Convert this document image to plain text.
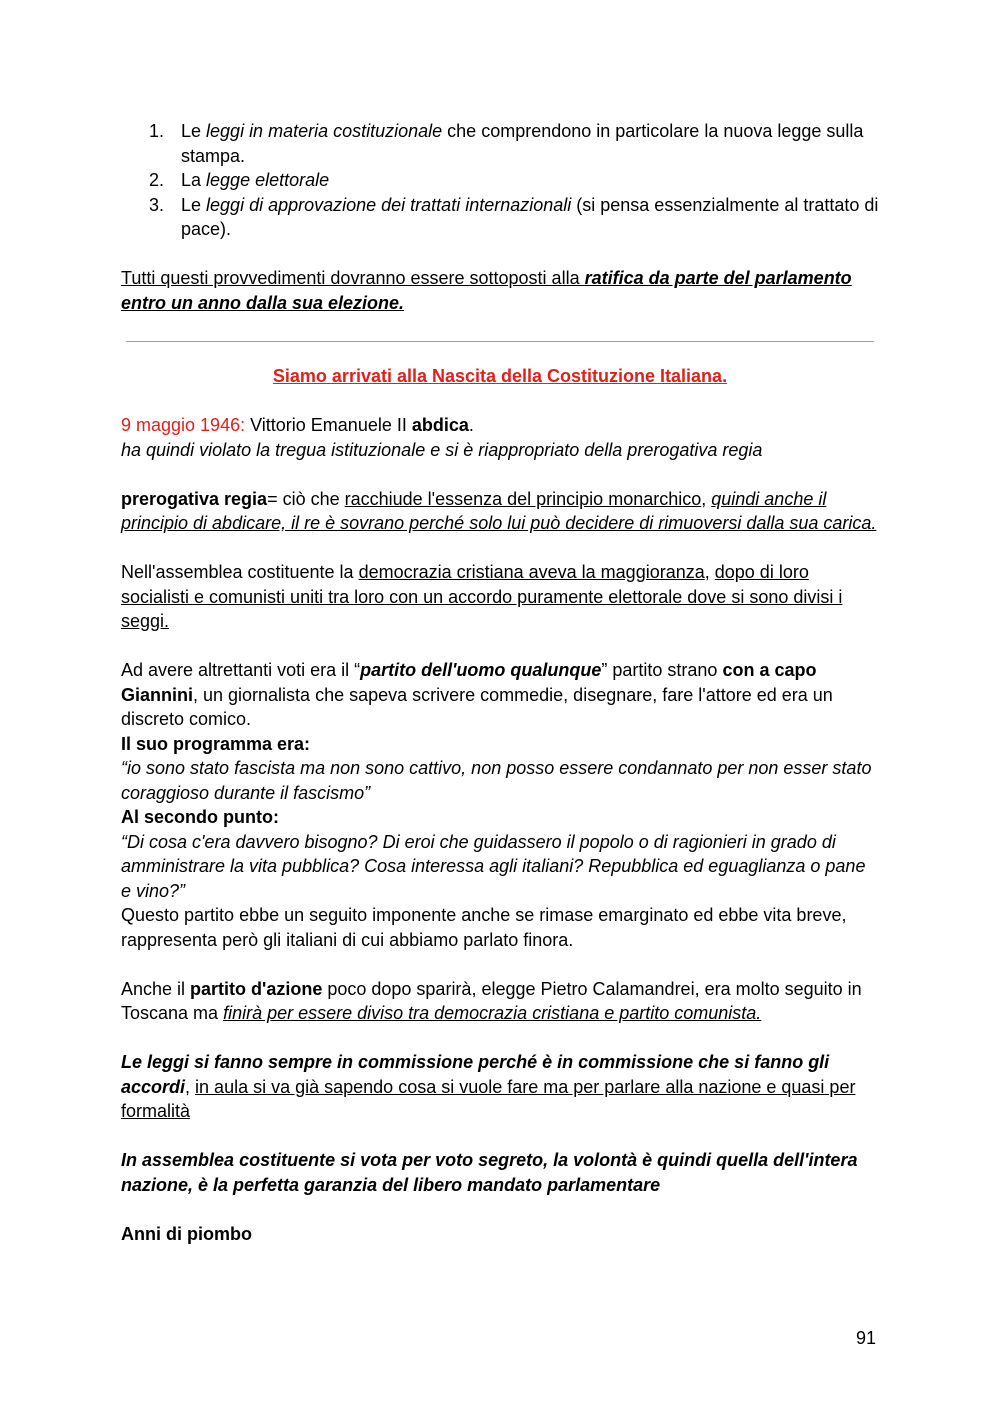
1. Le leggi in materia costituzionale che comprendono in particolare la nuova legge sulla stampa.
2. La legge elettorale
3. Le leggi di approvazione dei trattati internazionali (si pensa essenzialmente al trattato di pace).

Tutti questi provvedimenti dovranno essere sottoposti alla ratifica da parte del parlamento entro un anno dalla sua elezione.

Siamo arrivati alla Nascita della Costituzione Italiana.

9 maggio 1946: Vittorio Emanuele II abdica.

ha quindi violato la tregua istituzionale e si è riappropriato della prerogativa regia

prerogativa regia= ciò che racchiude l'essenza del principio monarchico, quindi anche il principio di abdicare, il re è sovrano perché solo lui può decidere di rimuoversi dalla sua carica.

Nell'assemblea costituente la democrazia cristiana aveva la maggioranza, dopo di loro socialisti e comunisti uniti tra loro con un accordo puramente elettorale dove si sono divisi i seggi.

Ad avere altrettanti voti era il “partito dell'uomo qualunque” partito strano con a capo Giannini, un giornalista che sapeva scrivere commedie, disegnare, fare l'attore ed era un discreto comico.

Il suo programma era:

“io sono stato fascista ma non sono cattivo, non posso essere condannato per non esser stato coraggioso durante il fascismo”

Al secondo punto:

“Di cosa c'era davvero bisogno? Di eroi che guidassero il popolo o di ragionieri in grado di amministrare la vita pubblica? Cosa interessa agli italiani? Repubblica ed eguaglianza o pane e vino?”

Questo partito ebbe un seguito imponente anche se rimase emarginato ed ebbe vita breve, rappresenta però gli italiani di cui abbiamo parlato finora.

Anche il partito d'azione poco dopo sparirà, elegge Pietro Calamandrei, era molto seguito in Toscana ma finirà per essere diviso tra democrazia cristiana e partito comunista.

Le leggi si fanno sempre in commissione perché è in commissione che si fanno gli accordi, in aula si va già sapendo cosa si vuole fare ma per parlare alla nazione e quasi per formalità

In assemblea costituente si vota per voto segreto, la volontà è quindi quella dell'intera nazione, è la perfetta garanzia del libero mandato parlamentare

Anni di piombo

91
